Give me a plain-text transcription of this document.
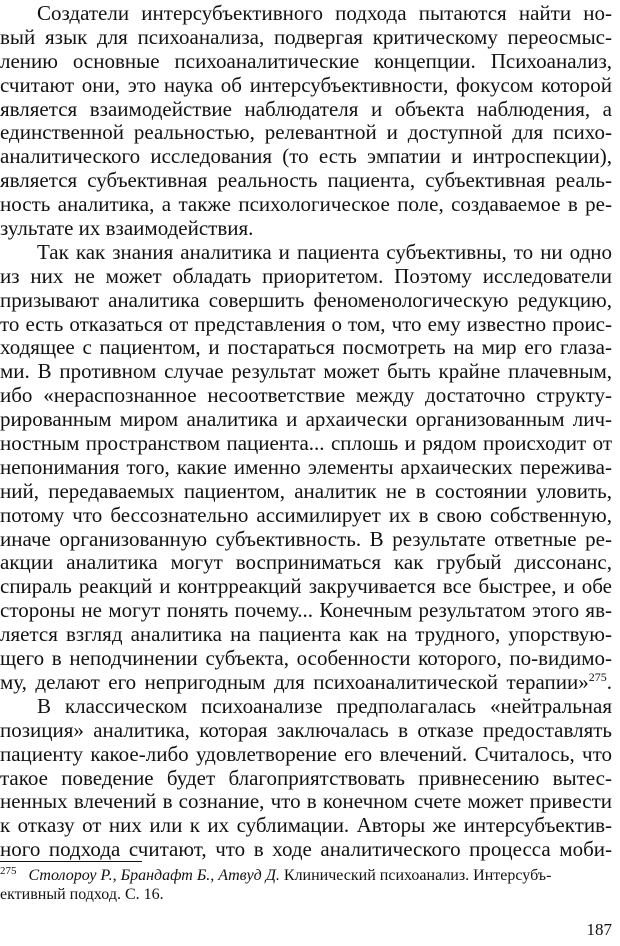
Создатели интерсубъективного подхода пытаются найти но-
вый язык для психоанализа, подвергая критическому переосмыс-
лению основные психоаналитические концепции. Психоанализ,
считают они, это наука об интерсубъективности, фокусом которой
является взаимодействие наблюдателя и объекта наблюдения, а
единственной реальностью, релевантной и доступной для психо-
аналитического исследования (то есть эмпатии и интроспекции),
является субъективная реальность пациента, субъективная реаль-
ность аналитика, а также психологическое поле, создаваемое в ре-
зультате их взаимодействия.
Так как знания аналитика и пациента субъективны, то ни одно
из них не может обладать приоритетом. Поэтому исследователи
призывают аналитика совершить феноменологическую редукцию,
то есть отказаться от представления о том, что ему известно проис-
ходящее с пациентом, и постараться посмотреть на мир его глаза-
ми. В противном случае результат может быть крайне плачевным,
ибо «нераспознанное несоответствие между достаточно структу-
рированным миром аналитика и архаически организованным лич-
ностным пространством пациента... сплошь и рядом происходит от
непонимания того, какие именно элементы архаических пережива-
ний, передаваемых пациентом, аналитик не в состоянии уловить,
потому что бессознательно ассимилирует их в свою собственную,
иначе организованную субъективность. В результате ответные ре-
акции аналитика могут восприниматься как грубый диссонанс,
спираль реакций и контрреакций закручивается все быстрее, и обе
стороны не могут понять почему... Конечным результатом этого яв-
ляется взгляд аналитика на пациента как на трудного, упорствую-
щего в неподчинении субъекта, особенности которого, по-видимо-
му, делают его непригодным для психоаналитической терапии»$^{275}$.
В классическом психоанализе предполагалась «нейтральная
позиция» аналитика, которая заключалась в отказе предоставлять
пациенту какое-либо удовлетворение его влечений. Считалось, что
такое поведение будет благоприятствовать привнесению вытес-
ненных влечений в сознание, что в конечном счете может привести
к отказу от них или к их сублимации. Авторы же интерсубъектив-
ного подхода считают, что в ходе аналитического процесса моби-
$^{275}$ Столороу Р., Брандафт Б., Атвуд Д. Клинический психоанализ. Интерсубъ-
ективный подход. С. 16.
187
